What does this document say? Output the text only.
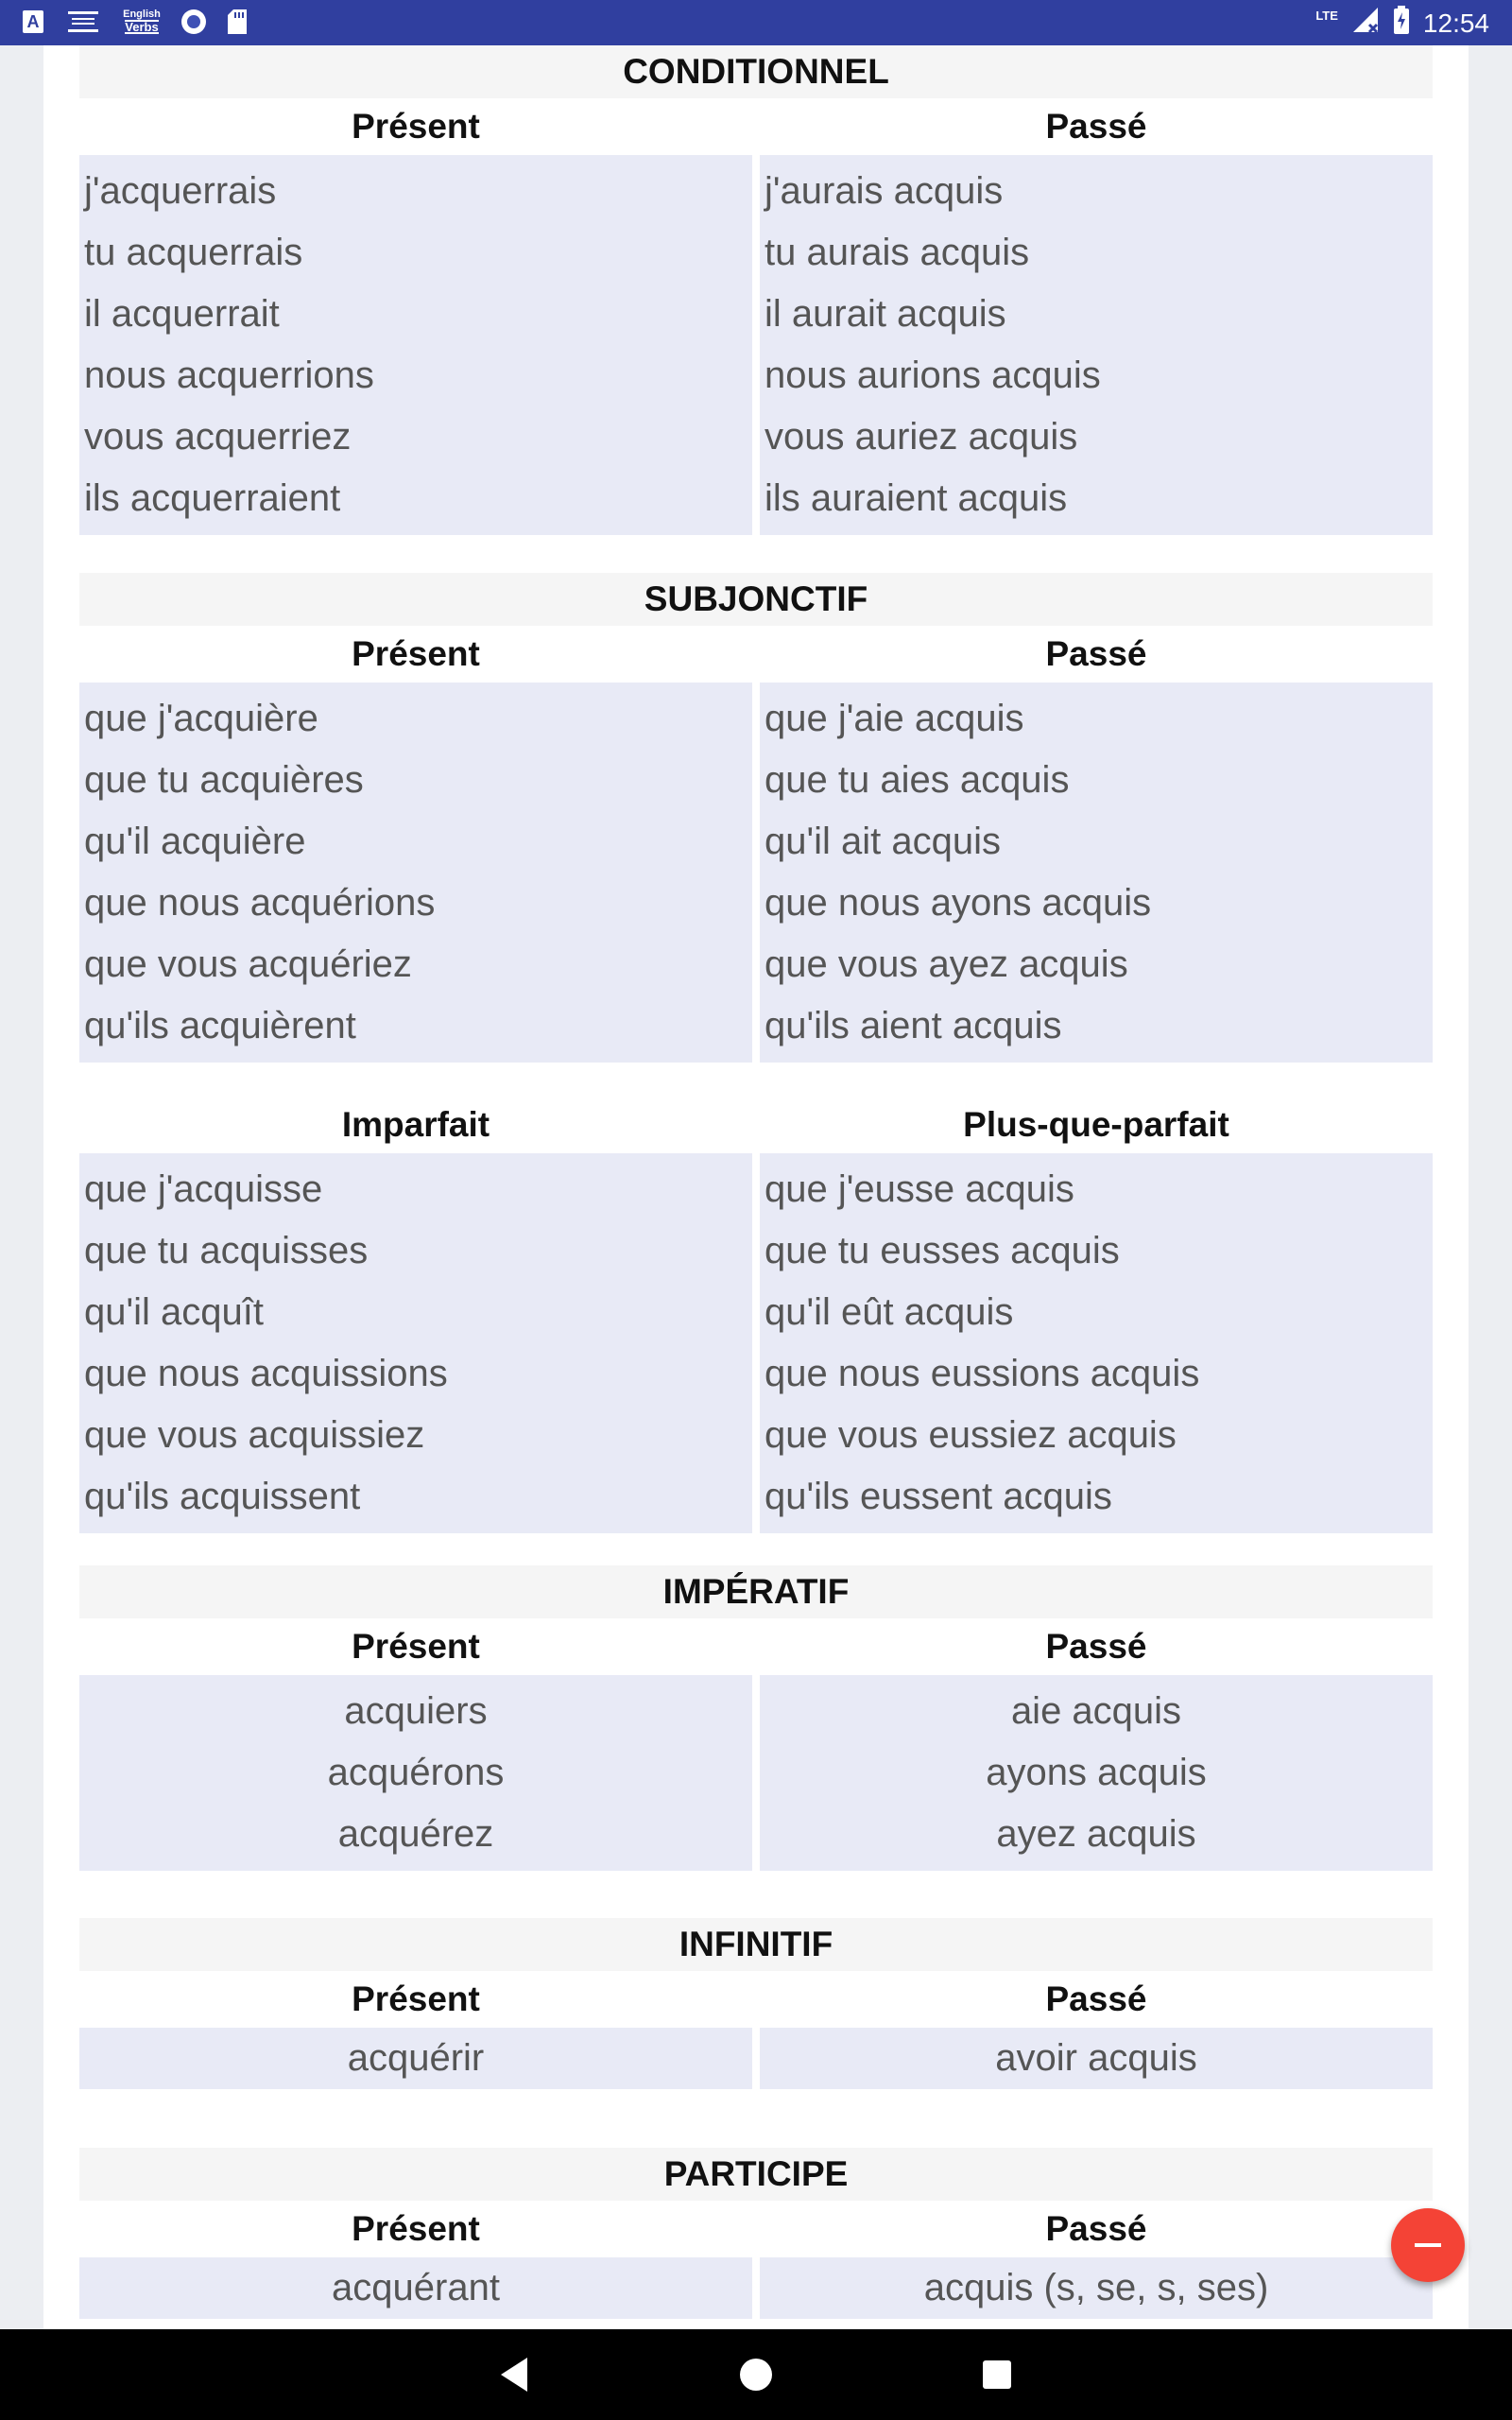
A	English
Verbs
LTE	12:54
CONDITIONNEL
Présent
j'acquerrais
tu acquerrais
il acquerrait
nous acquerrions
vous acquerriez
ils acquerraient
Passé
j'aurais acquis
tu aurais acquis
il aurait acquis
nous aurions acquis
vous auriez acquis
ils auraient acquis
SUBJONCTIF
Présent
que j'acquière
que tu acquières
qu'il acquière
que nous acquérions
que vous acquériez
qu'ils acquièrent
Passé
que j'aie acquis
que tu aies acquis
qu'il ait acquis
que nous ayons acquis
que vous ayez acquis
qu'ils aient acquis
Imparfait
que j'acquisse
que tu acquisses
qu'il acquît
que nous acquissions
que vous acquissiez
qu'ils acquissent
Plus-que-parfait
que j'eusse acquis
que tu eusses acquis
qu'il eût acquis
que nous eussions acquis
que vous eussiez acquis
qu'ils eussent acquis
IMPÉRATIF
Présent
acquiers
acquérons
acquérez
Passé
aie acquis
ayons acquis
ayez acquis
INFINITIF
Présent
acquérir
Passé
avoir acquis
PARTICIPE
Présent
acquérant
Passé
acquis (s, se, s, ses)
